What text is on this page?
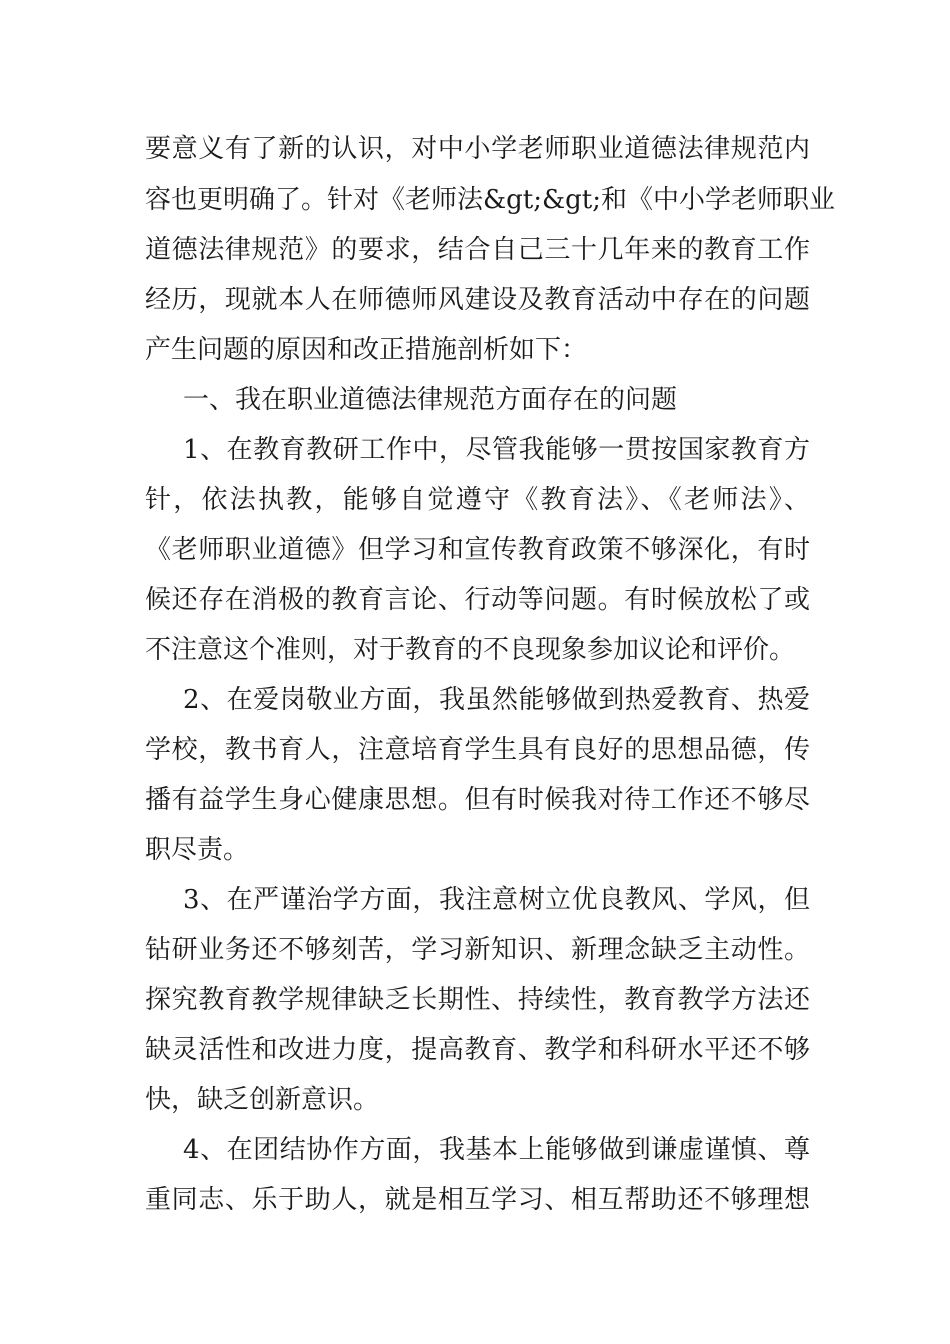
要意义有了新的认识，对中小学老师职业道德法律规范内
容也更明确了。针对《老师法&gt;&gt;和《中小学老师职业
道德法律规范》的要求，结合自己三十几年来的教育工作
经历，现就本人在师德师风建设及教育活动中存在的问题
产生问题的原因和改正措施剖析如下：
一、我在职业道德法律规范方面存在的问题
1、在教育教研工作中，尽管我能够一贯按国家教育方
针，依法执教，能够自觉遵守《教育法》、《老师法》、
《老师职业道德》但学习和宣传教育政策不够深化，有时
候还存在消极的教育言论、行动等问题。有时候放松了或
不注意这个准则，对于教育的不良现象参加议论和评价。
2、在爱岗敬业方面，我虽然能够做到热爱教育、热爱
学校，教书育人，注意培育学生具有良好的思想品德，传
播有益学生身心健康思想。但有时候我对待工作还不够尽
职尽责。
3、在严谨治学方面，我注意树立优良教风、学风，但
钻研业务还不够刻苦，学习新知识、新理念缺乏主动性。
探究教育教学规律缺乏长期性、持续性，教育教学方法还
缺灵活性和改进力度，提高教育、教学和科研水平还不够
快，缺乏创新意识。
4、在团结协作方面，我基本上能够做到谦虚谨慎、尊
重同志、乐于助人，就是相互学习、相互帮助还不够理想
